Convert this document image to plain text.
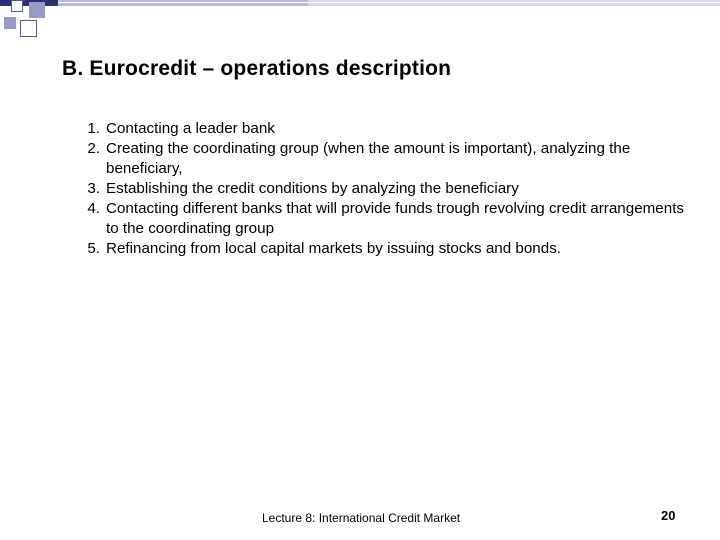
B. Eurocredit – operations description
1. Contacting a leader bank
2. Creating the coordinating group (when the amount is important), analyzing the beneficiary,
3. Establishing the credit conditions by analyzing the beneficiary
4. Contacting different banks that will provide funds trough revolving credit arrangements to the coordinating group
5. Refinancing from local capital markets by issuing stocks and bonds.
Lecture 8: International Credit Market	20
